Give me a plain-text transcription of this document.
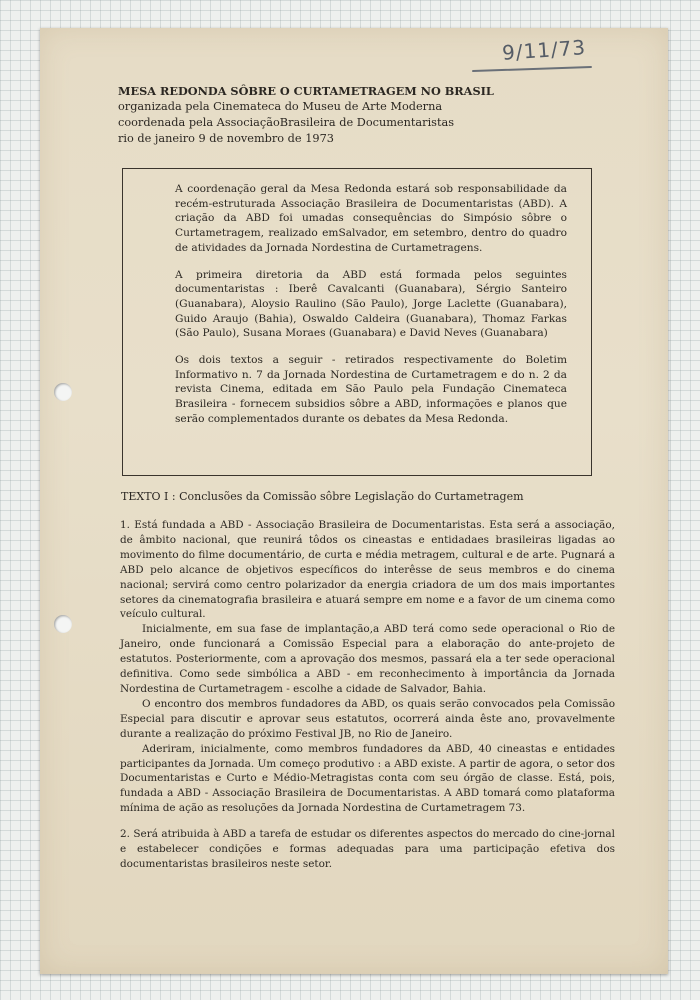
9/11/73
MESA REDONDA SÔBRE O CURTAMETRAGEM NO BRASIL
organizada pela Cinemateca do Museu de Arte Moderna
coordenada pela AssociaçãoBrasileira de Documentaristas
rio de janeiro 9 de novembro de 1973

A coordenação geral da Mesa Redonda estará sob responsabilidade da recém-estruturada Associação Brasileira de Documentaristas (ABD). A criação da ABD foi umadas consequências do Simpósio sôbre o Curtametragem, realizado emSalvador, em setembro, dentro do quadro de atividades da Jornada Nordestina de Curtametragens.

A primeira diretoria da ABD está formada pelos seguintes documentaristas : Iberê Cavalcanti (Guanabara), Sérgio Santeiro (Guanabara), Aloysio Raulino (São Paulo), Jorge Laclette (Guanabara), Guido Araujo (Bahia), Oswaldo Caldeira (Guanabara), Thomaz Farkas (São Paulo), Susana Moraes (Guanabara) e David Neves (Guanabara)

Os dois textos a seguir - retirados respectivamente do Boletim Informativo n. 7 da Jornada Nordestina de Curtametragem e do n. 2 da revista Cinema, editada em São Paulo pela Fundação Cinemateca Brasileira - fornecem subsidios sôbre a ABD, informações e planos que serão complementados durante os debates da Mesa Redonda.

TEXTO I : Conclusões da Comissão sôbre Legislação do Curtametragem

1. Está fundada a ABD - Associação Brasileira de Documentaristas. Esta será a associação, de âmbito nacional, que reunirá tôdos os cineastas e entidadaes brasileiras ligadas ao movimento do filme documentário, de curta e média metragem, cultural e de arte. Pugnará a ABD pelo alcance de objetivos específicos do interêsse de seus membros e do cinema nacional; servirá como centro polarizador da energia criadora de um dos mais importantes setores da cinematografia brasileira e atuará sempre em nome e a favor de um cinema como veículo cultural.

Inicialmente, em sua fase de implantação,a ABD terá como sede operacional o Rio de Janeiro, onde funcionará a Comissão Especial para a elaboração do ante-projeto de estatutos. Posteriormente, com a aprovação dos mesmos, passará ela a ter sede operacional definitiva. Como sede simbólica a ABD - em reconhecimento à importância da Jornada Nordestina de Curtametragem - escolhe a cidade de Salvador, Bahia.

O encontro dos membros fundadores da ABD, os quais serão convocados pela Comissão Especial para discutir e aprovar seus estatutos, ocorrerá ainda êste ano, provavelmente durante a realização do próximo Festival JB, no Rio de Janeiro.

Aderiram, inicialmente, como membros fundadores da ABD, 40 cineastas e entidades participantes da Jornada. Um começo produtivo : a ABD existe. A partir de agora, o setor dos Documentaristas e Curto e Médio-Metragistas conta com seu órgão de classe. Está, pois, fundada a ABD - Associação Brasileira de Documentaristas. A ABD tomará como plataforma mínima de ação as resoluções da Jornada Nordestina de Curtametragem 73.

2. Será atribuida à ABD a tarefa de estudar os diferentes aspectos do mercado do cine-jornal e estabelecer condições e formas adequadas para uma participação efetiva dos documentaristas brasileiros neste setor.
